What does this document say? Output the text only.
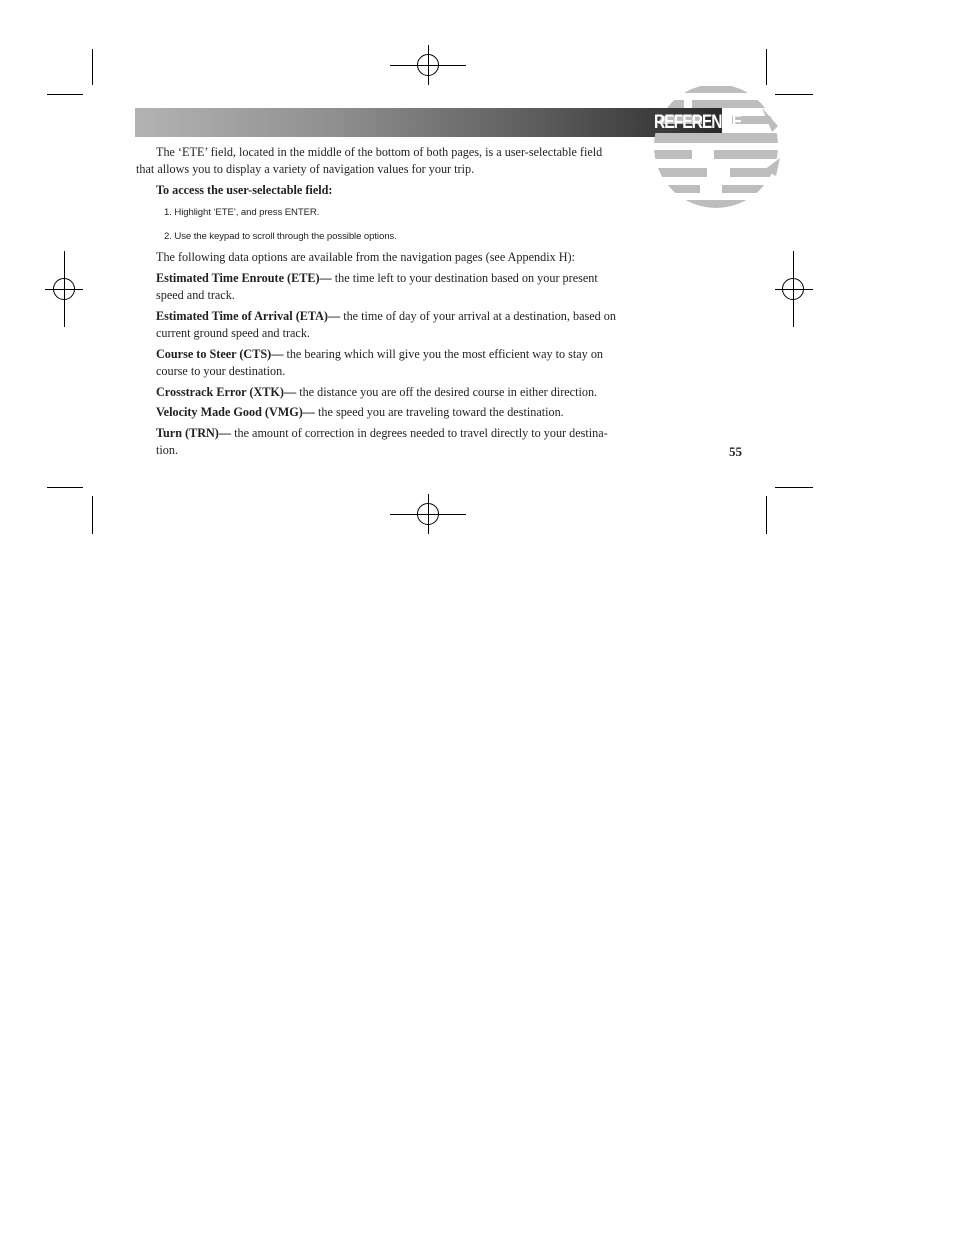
REFERENCE

The ‘ETE’ field, located in the middle of the bottom of both pages, is a user-selectable field that allows you to display a variety of navigation values for your trip.

To access the user-selectable field:

1. Highlight ‘ETE’, and press ENTER.

2. Use the keypad to scroll through the possible options.

The following data options are available from the navigation pages (see Appendix H):

Estimated Time Enroute (ETE)— the time left to your destination based on your present speed and track.

Estimated Time of Arrival (ETA)— the time of day of your arrival at a destination, based on current ground speed and track.

Course to Steer (CTS)— the bearing which will give you the most efficient way to stay on course to your destination.

Crosstrack Error (XTK)— the distance you are off the desired course in either direction.

Velocity Made Good (VMG)— the speed you are traveling toward the destination.

Turn (TRN)— the amount of correction in degrees needed to travel directly to your destina-tion.	55
